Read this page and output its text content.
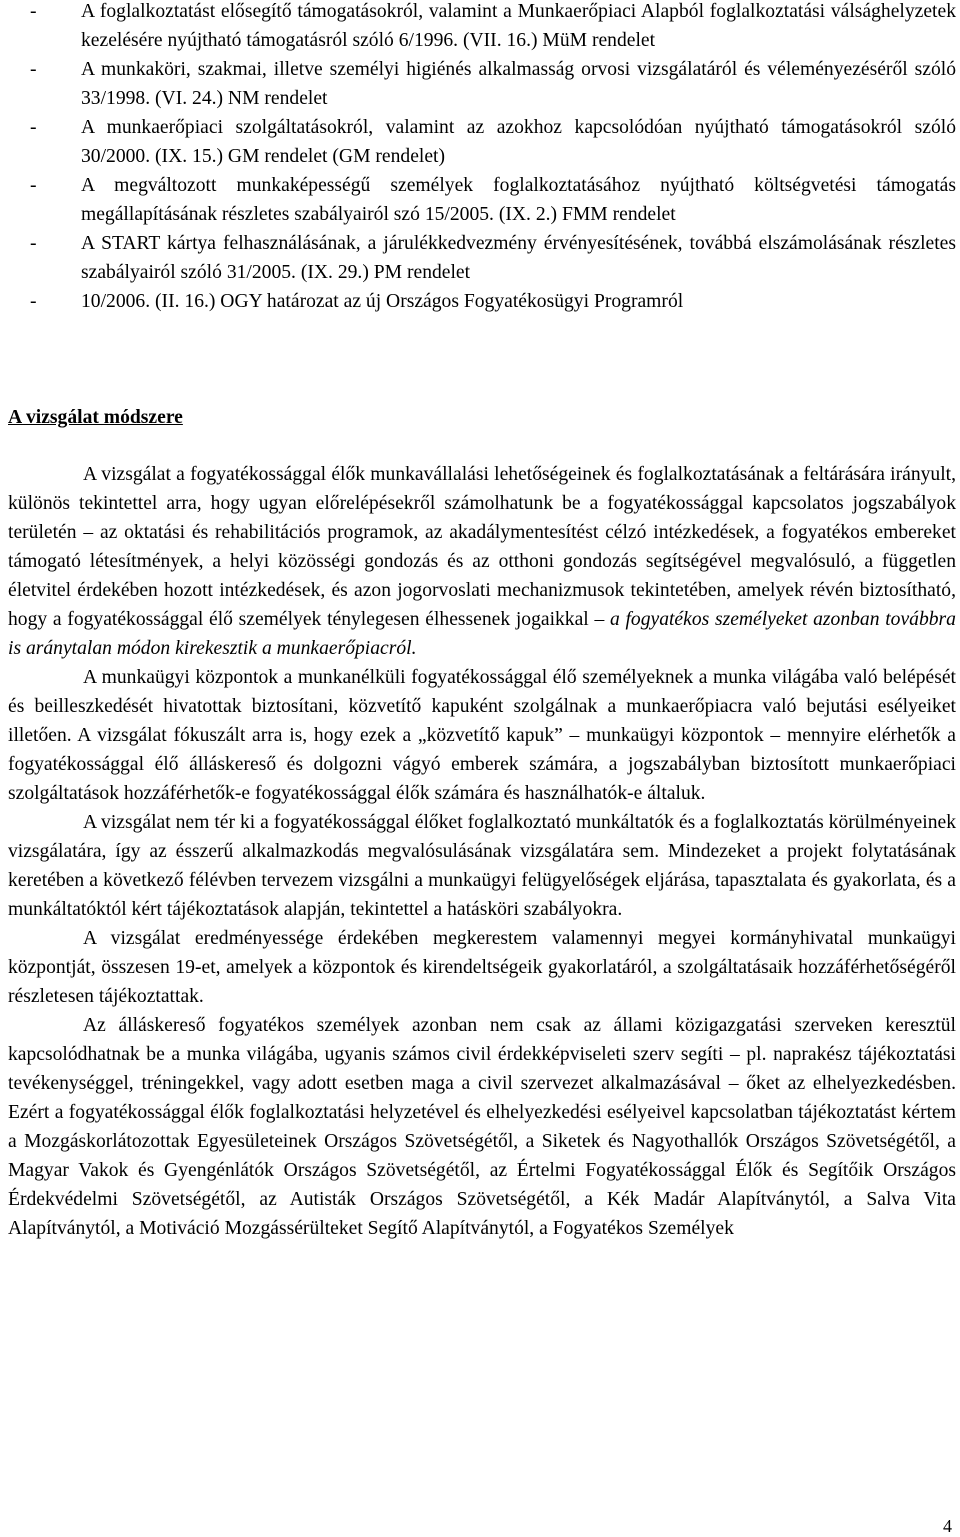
- A foglalkoztatást elősegítő támogatásokról, valamint a Munkaerőpiaci Alapból foglalkoztatási válsághelyzetek kezelésére nyújtható támogatásról szóló 6/1996. (VII. 16.) MüM rendelet
- A munkaköri, szakmai, illetve személyi higiénés alkalmasság orvosi vizsgálatáról és véleményezéséről szóló 33/1998. (VI. 24.) NM rendelet
- A munkaerőpiaci szolgáltatásokról, valamint az azokhoz kapcsolódóan nyújtható támogatásokról szóló 30/2000. (IX. 15.) GM rendelet (GM rendelet)
- A megváltozott munkaképességű személyek foglalkoztatásához nyújtható költségvetési támogatás megállapításának részletes szabályairól szó 15/2005. (IX. 2.) FMM rendelet
- A START kártya felhasználásának, a járulékkedvezmény érvényesítésének, továbbá elszámolásának részletes szabályairól szóló 31/2005. (IX. 29.) PM rendelet
- 10/2006. (II. 16.) OGY határozat az új Országos Fogyatékosügyi Programról
A vizsgálat módszere

A vizsgálat a fogyatékossággal élők munkavállalási lehetőségeinek és foglalkoztatásának a feltárására irányult, különös tekintettel arra, hogy ugyan előrelépésekről számolhatunk be a fogyatékossággal kapcsolatos jogszabályok területén – az oktatási és rehabilitációs programok, az akadálymentesítést célzó intézkedések, a fogyatékos embereket támogató létesítmények, a helyi közösségi gondozás és az otthoni gondozás segítségével megvalósuló, a független életvitel érdekében hozott intézkedések, és azon jogorvoslati mechanizmusok tekintetében, amelyek révén biztosítható, hogy a fogyatékossággal élő személyek ténylegesen élhessenek jogaikkal – a fogyatékos személyeket azonban továbbra is aránytalan módon kirekesztik a munkaerőpiacról.

A munkaügyi központok a munkanélküli fogyatékossággal élő személyeknek a munka világába való belépését és beilleszkedését hivatottak biztosítani, közvetítő kapuként szolgálnak a munkaerőpiacra való bejutási esélyeiket illetően. A vizsgálat fókuszált arra is, hogy ezek a „közvetítő kapuk” – munkaügyi központok – mennyire elérhetők a fogyatékossággal élő álláskereső és dolgozni vágyó emberek számára, a jogszabályban biztosított munkaerőpiaci szolgáltatások hozzáférhetők-e fogyatékossággal élők számára és használhatók-e általuk.

A vizsgálat nem tér ki a fogyatékossággal élőket foglalkoztató munkáltatók és a foglalkoztatás körülményeinek vizsgálatára, így az ésszerű alkalmazkodás megvalósulásának vizsgálatára sem. Mindezeket a projekt folytatásának keretében a következő félévben tervezem vizsgálni a munkaügyi felügyelőségek eljárása, tapasztalata és gyakorlata, és a munkáltatóktól kért tájékoztatások alapján, tekintettel a hatásköri szabályokra.

A vizsgálat eredményessége érdekében megkerestem valamennyi megyei kormányhivatal munkaügyi központját, összesen 19-et, amelyek a központok és kirendeltségeik gyakorlatáról, a szolgáltatásaik hozzáférhetőségéről részletesen tájékoztattak.

Az álláskereső fogyatékos személyek azonban nem csak az állami közigazgatási szerveken keresztül kapcsolódhatnak be a munka világába, ugyanis számos civil érdekképviseleti szerv segíti – pl. naprakész tájékoztatási tevékenységgel, tréningekkel, vagy adott esetben maga a civil szervezet alkalmazásával – őket az elhelyezkedésben. Ezért a fogyatékossággal élők foglalkoztatási helyzetével és elhelyezkedési esélyeivel kapcsolatban tájékoztatást kértem a Mozgáskorlátozottak Egyesületeinek Országos Szövetségétől, a Siketek és Nagyothallók Országos Szövetségétől, a Magyar Vakok és Gyengénlátók Országos Szövetségétől, az Értelmi Fogyatékossággal Élők és Segítőik Országos Érdekvédelmi Szövetségétől, az Autisták Országos Szövetségétől, a Kék Madár Alapítványtól, a Salva Vita Alapítványtól, a Motiváció Mozgássérülteket Segítő Alapítványtól, a Fogyatékos Személyek

4
